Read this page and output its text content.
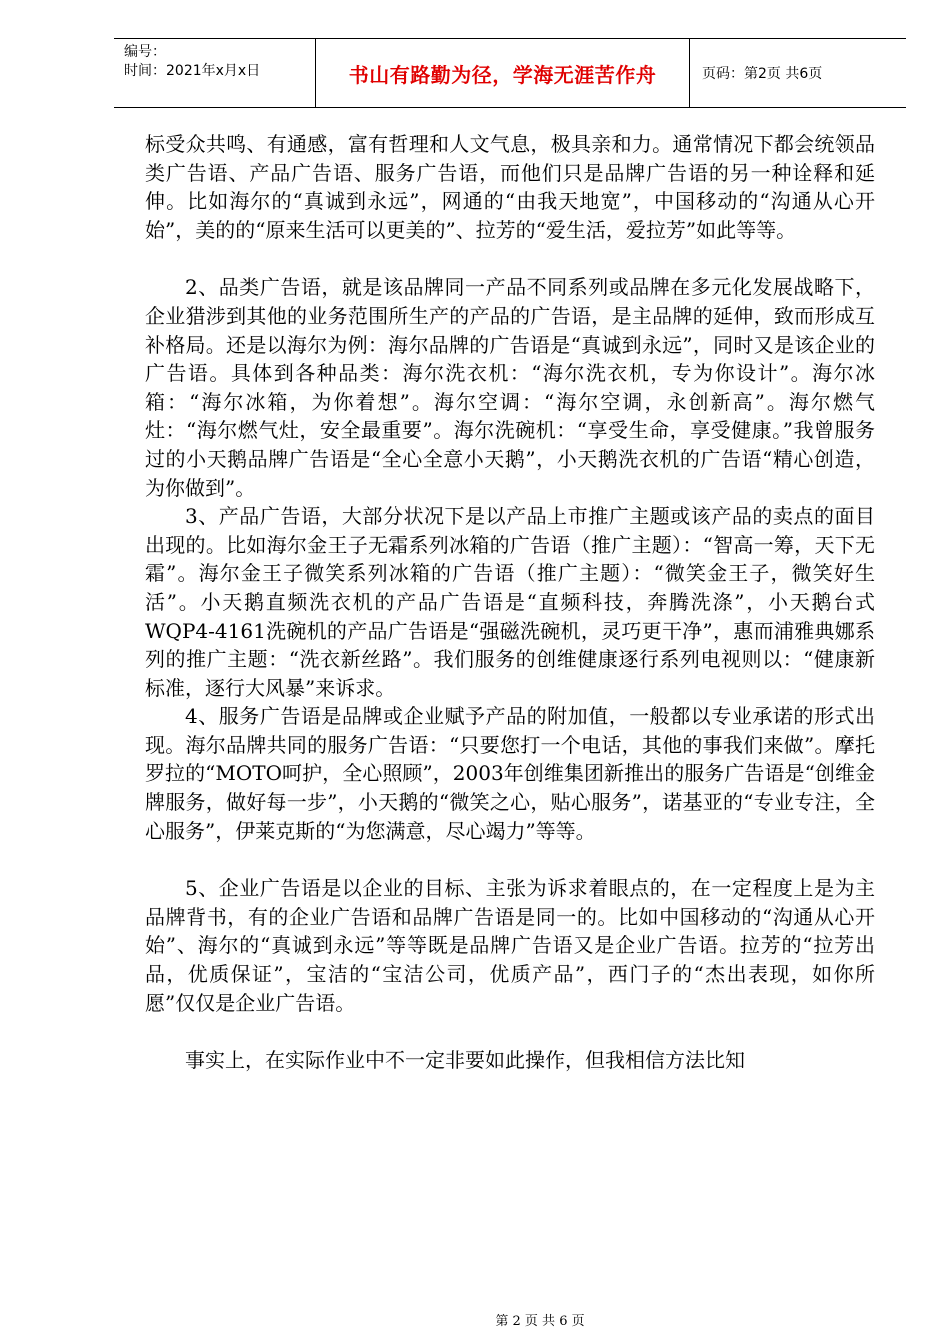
编号：
时间：2021年x月x日	书山有路勤为径，学海无涯苦作舟	页码：第2页 共6页

标受众共鸣、有通感，富有哲理和人文气息，极具亲和力。通常情况下都会统领品类广告语、产品广告语、服务广告语，而他们只是品牌广告语的另一种诠释和延伸。比如海尔的“真诚到永远”，网通的“由我天地宽”，中国移动的“沟通从心开始”，美的的“原来生活可以更美的”、拉芳的“爱生活，爱拉芳”如此等等。

2、品类广告语，就是该品牌同一产品不同系列或品牌在多元化发展战略下，企业猎涉到其他的业务范围所生产的产品的广告语，是主品牌的延伸，致而形成互补格局。还是以海尔为例：海尔品牌的广告语是“真诚到永远”，同时又是该企业的广告语。具体到各种品类：海尔洗衣机：“海尔洗衣机，专为你设计”。海尔冰箱：“海尔冰箱，为你着想”。海尔空调：“海尔空调，永创新高”。海尔燃气灶：“海尔燃气灶，安全最重要”。海尔洗碗机：“享受生命，享受健康。”我曾服务过的小天鹅品牌广告语是“全心全意小天鹅”，小天鹅洗衣机的广告语“精心创造，为你做到”。

3、产品广告语，大部分状况下是以产品上市推广主题或该产品的卖点的面目出现的。比如海尔金王子无霜系列冰箱的广告语（推广主题）：“智高一筹，天下无霜”。海尔金王子微笑系列冰箱的广告语（推广主题）：“微笑金王子，微笑好生活”。小天鹅直频洗衣机的产品广告语是“直频科技，奔腾洗涤”，小天鹅台式WQP4-4161洗碗机的产品广告语是“强磁洗碗机，灵巧更干净”，惠而浦雅典娜系列的推广主题：“洗衣新丝路”。我们服务的创维健康逐行系列电视则以：“健康新标准，逐行大风暴”来诉求。

4、服务广告语是品牌或企业赋予产品的附加值，一般都以专业承诺的形式出现。海尔品牌共同的服务广告语：“只要您打一个电话，其他的事我们来做”。摩托罗拉的“MOTO呵护，全心照顾”，2003年创维集团新推出的服务广告语是“创维金牌服务，做好每一步”，小天鹅的“微笑之心，贴心服务”，诺基亚的“专业专注，全心服务”，伊莱克斯的“为您满意，尽心竭力”等等。

5、企业广告语是以企业的目标、主张为诉求着眼点的，在一定程度上是为主品牌背书，有的企业广告语和品牌广告语是同一的。比如中国移动的“沟通从心开始”、海尔的“真诚到永远”等等既是品牌广告语又是企业广告语。拉芳的“拉芳出品，优质保证”，宝洁的“宝洁公司，优质产品”，西门子的“杰出表现，如你所愿”仅仅是企业广告语。

事实上，在实际作业中不一定非要如此操作，但我相信方法比知

第 2 页 共 6 页
